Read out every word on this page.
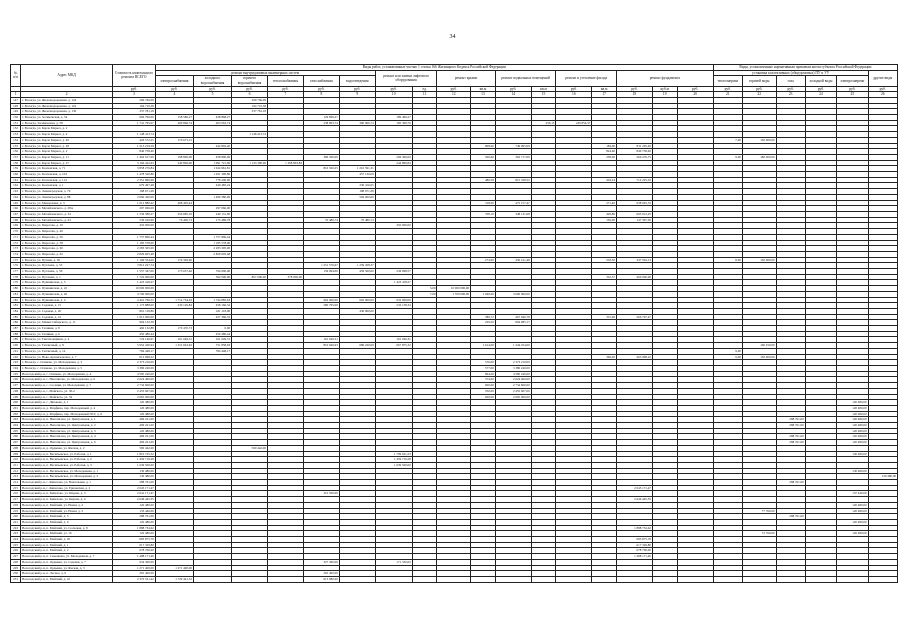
34
№ п/п	Адрес МКД	Стоимость капитального ремонта ВСЕГО	Виды работ, установленные частью 1 статьи 166 Жилищного Кодекса Российской Федерации																	Виды, установленные нормативным правовым актом субъекта Российской Федерации					
			ремонт внутридомовых инженерных систем						ремонт или замена лифтового оборудования		ремонт крыши		ремонт подвальных помещений		ремонт и утепление фасада		ремонт фундамента			установка коллективных (общедомовых) ПУ и УУ					другие виды
			электроснабжения	холодного водоснабжения	горячего водоснабжения	теплоснабжения	газоснабжения	водоотведения												теплоэнергии	горячей воды	газа	холодной воды	электроэнергии	
		руб.	руб.	руб.	руб.	руб.	руб.	руб.	руб.	ед.	руб.	кв.м	руб.	кв.м	руб.	кв.м	руб.	куб.м	руб.	руб.	руб.	руб.	руб.	руб.	руб.
1	2	3	4	5	6	7	8	9	10	11	12	13	14	15	16	17	18	19	20	21	22	23	24	25	26
147	г. Вологда, ул. Железнодорожная, д. 124	299 766,09			299 766,09																				
148	г. Вологда, ул. Железнодорожная, д. 122	194 710,38			194 710,38																				
149	г. Вологда, ул. Железнодорожная, д. 130	337 781,18			337 781,18																				
150	г. Вологда, ул. Зосимовская, д. 54	906 790,06	158 586,27	428 868,27			129 899,27		189 496,27																
151	г. Вологда, Зосимовская, д. 58	1 741 795,07	269 866,74	463 063,74			238 803,74	300 966,74	185 369,79					256,15	236 854,37										
152	г. Вологда, ул. Карла Маркса, д. 2																								
153	г. Вологда, ул. Карла Маркса, д. 4	1 148 413,74			1 148 413,74																				
154	г. Вологда, ул. Карла Маркса, д. 46	426 572,25	170 673,15																	7,00	150 000,00				
155	г. Вологда, ул. Карла Маркса, д. 48	1 213 219,59		442 802,40								808,60	749 995,09			184,00	831 205,40								
156	г. Вологда, ул. Карла Маркса, д. 2	840 758,40														824,60	840 758,40								
157	г. Вологда, ул. Карла Маркса, д. 11	1 402 917,00	198 800,00	458 800,00			386 300,00		206 300,00			506,60	362 717,00			238,00	266 276,75			9,00	180 000,00				
158	г. Вологда, ул. Карла Маркса, д. 27	3 166 422,63	240 806,00	1 091 721,00	1 143 300,00	1 368 803,84			244 890,84																
159	г. Вологда, ул. Козленская, д. 71	3 858 276,84		1 024 961,81			816 326,25	1 216 591,31																	
160	г. Вологда, ул. Козленская, д. 104	1 478 520,86		1 021 390,86				457 130,00																	
161	г. Вологда, ул. Козленская, д. 114	2 351 860,68		778 200,00								486,58	815 328,52			418,24	712 225,32								
162	г. Вологда, ул. Козленская, д. 1	679 497,48		449 485,24				230 416,65																	
163	г. Вологда, ул. Ленинградская, д. 79	198 671,28						198 671,28																	
164	г. Вологда, ул. Ленинградская, д. 88	2 060 420,00		1 499 380,00				594 000,00																	
165	г. Вологда, ул. Менделеева, д. 3	1 012 880,42	268 405,44									318,00	475 157,47			271,40	638 045,33								
166	г. Вологда, ул. Мохайловского, д. 28А	297 066,00		297 066,00																					
167	г. Вологда, ул. Мохайловского, д. 34	1 536 380,27	256 685,10	240 131,00								708,10	348 131,68			429,80	693 012,25								
168	г. Вологда, ул. Мохайловского, д. 43	539 226,99	76 400,73	175 489,78			70 480,74	70 480,74								156,00	147 367,50								
169	г. Вологда, ул. Пирогова, д. 10	450 000,00							450 000,00																
170	г. Вологда, ул. Пирогова, д. 40																								
171	г. Вологда, ул. Пирогова, д. 56	1 757 806,44		1 757 806,44																					
172	г. Вологда, ул. Пирогова, д. 58	1 185 578,00		1 185 578,00																					
173	г. Вологда, ул. Пирогова, д. 60	2 283 305,00		2 283 305,00																					
174	г. Вологда, ул. Пирогова, д. 62	2 829 605,48		2 829 605,48																					
175	г. Вологда, ул. Пугина, д. 36	1 109 554,00	176 349,00									274,00	456 121,48			218,50	347 563,13			8,00	150 000,00				
176	г. Вологда, ул. Пугачева, д. 55	3 812 227,74					1 251 576,67	1 259 458,37																	
177	г. Вологда, ул. Пугачева, д. 59	1 557 347,00	173 657,46	794 000,00			159 094,00	459 500,00	236 098,57																
178	г. Вологда, ул. Пугачева, д. 1	1 722 000,00		392 000,00	867 000,00	378 000,00										316,57	460 000,00								
179	г. Вологда, ул. Пушкинская, д. 5	1 423 418,27							1 423 418,27																
180	г. Вологда, ул. Пушкинская, д. 22	10 000 000,00								3,00	10 000 000,00														
181	г. Вологда, ул. Пушкинская, д. 26	4 700 000,00								7,00	1 700 000,00	1 940,00	3 000 000,00												
182	г. Вологда, ул. Пушкинская, д. 4	4 401 790,55	1 714 754,63	1 744 885,63			662 000,00	662 000,00	632 000,00																
183	г. Вологда, ул. Садовая, д. 15	1 173 888,00	230 129,84	458 166,34			280 795,00		232 158,34																
184	г. Вологда, ул. Садовая, д. 26	861 118,80		431 118,00				430 000,00																	
185	г. Вологда, ул. Садовая, д. 41	1 915 000,00		427 366,35								386,72	467 946,78			315,00	266 767,47								
186	г. Вологда, ул. Маяки Сибирского, д. 11	994 132,38										229,50	804 085,17												
187	г. Вологда, ул. Техники, д. 8	460 132,88	170 470,73	0,00																					
188	г. Вологда, ул. Техники, д. 6	450 480,44		450 480,44																					
189	г. Вологда, ул. Текстильщиков, д. 4	724 140,91	161 049,31	161 049,31			161 049,31		161 049,31																
190	г. Вологда, ул. Тепличный, д. 8	5 952 430,94	1 011 643,92	751 858,93			819 946,93	686 220,00	667 875,32			1 614,00	1 344 254,00								160 250,00				
191	г. Вологда, ул. Тепличный, д. 14	784 448,17		784 448,17																9,00					
192	г. Вологда, ул. Ново-Архангельское, д. 7	613 998,22														366,40	463 998,22			9,00	150 000,00				
193	г. Вологда, с. Осиново, ул. Молодежная, д. 3	2 373 210,00										576,00	2 373 210,00												
194	г. Вологда, с. Осиново, ул. Молодежная, д. 5	3 380 240,00										577,00	3 380 240,00												
195	Вологодский р-н, с. Осиново, ул. Молодежная, д. 4	4 585 240,00										864,00	4 585 240,00												
196	Вологодский р-н, с. Непотягово, ул. Молодежная, д. 6	2 624 400,00										574,00	2 624 400,00												
197	Вологодский р-н, с. Сосенки, ул. Молодежная, д. 7	2 734 600,00										600,00	2 734 600,00												
198	Вологодский р-н, с. Майского, ул. 30-2	2 455 607,00										550,00	2 455 607,00												
199	Вологодский р-н, с. Майского, ул. 34	2 065 000,00										600,00	2 065 000,00												
200	Вологодский р-н, с. Дятьково, д. 1	120 480,00																						120 480,00	
201	Вологодский р-н, д. Марфино, пер. Молодежный, д. 4	120 480,00																						120 480,00	
202	Вологодский р-н, д. Марфино, пер. Молодежный ПСТ, д. 6	120 480,00																						120 480,00	
203	Вологодский р-н, п. Непотягово, ул. Центральная, д. 1	409 221,00																				288 761,00		120 480,00	
204	Вологодский р-н, п. Непотягово, ул. Центральная, д. 2	409 221,00																				288 761,00		120 480,00	
205	Вологодский р-н, п. Непотягово, ул. Центральная, д. 3	120 480,00																						120 480,00	
206	Вологодский р-н, п. Непотягово, ул. Центральная, д. 4	409 221,00																				288 761,00		120 480,00	
207	Вологодский р-н, п. Непотягово, ул. Центральная, д. 6	409 221,00																				288 761,00		120 480,00	
208	Вологодский р-н, д. Ордынка, ул. Ямская, д. 2	590 442,00			590 442,00																				
209	Вологодский р-н, п. Васильевское, ул. Рабочая, д. 1	1 810 725,32							1 709 631,23															130 480,00	
210	Вологодский р-н, п. Васильевское, ул. Рабочая, д. 2	1 459 719,28							1 459 719,28																
211	Вологодский р-н, п. Васильевское, ул. Рабочая, д. 3	1 639 500,00							1 639 500,00																
212	Вологодский р-н, п. Васильевское, ул. Молодежная, д. 1	130 480,00																						130 480,00	
213	Вологодский р-н, п. Васильевское, ул. Молодежная, д. 2	130 480,00																							130 480,00
214	Вологодский р-н, с. Кипелово, ул. Вокзальная, д. 1	288 761,00																				288 761,00			
215	Вологодский р-н, с. Кипелово, ул. Ершовская, д. 2	2 045 171,47															2 045 171,47								
216	Вологодский р-н, п. Кипелово, ул. Кирова, д. 3	2 641 171,47					310 500,00																	137 440,00	
217	Вологодский р-н, п. Кипелово, ул. Кирова, д. 4	2 646 445,35															2 646 445,35								
218	Вологодский р-н, п. Майский, ул. Новая, д. 2	120 480,00																						120 480,00	
219	Вологодский р-н, п. Майский, ул. Новая, д. 3	133 440,00																			77 760,00			120 480,00	
220	Вологодский р-н, п. Майский, д. 5	288 761,00																				288 761,00			
221	Вологодский р-н, п. Майский, д. 6	120 480,00																						120 480,00	
222	Вологодский р-н, п. Майский, ул. Сосновая, д. 8	1 888 734,62															1 888 734,62								
223	Вологодский р-н, п. Майский, ул. 16	120 480,00																			72 760,00			120 480,00	
224	Вологодский р-н, п. Майский, д. 20	683 875,70															683 875,70								
225	Вологодский р-н, п. Майский, д. 1	617 329,80															617 329,80								
226	Вологодский р-н, п. Майский, д. 2	678 700,00															678 700,00								
227	Вологодский р-н, п. Семенково, ул. Молодежная, д. 7	1 488 171,46															1 488 171,46								
228	Вологодский р-н, п. Ордынка, ул. Садовая, д. 7	934 300,00					327 300,00		171 330,00																
229	Вологодский р-н, п. Ордынка, ул. Ямская, д. 3	1 271 400,00	1 271 400,00																						
230	Вологодский р-н, п. Лесное, д. 6	265 400,00					265 400,00																		
231	Вологодский р-н, п. Майский, д. 10	2 370 521,42	1 729 441,52				613 080,90																		
